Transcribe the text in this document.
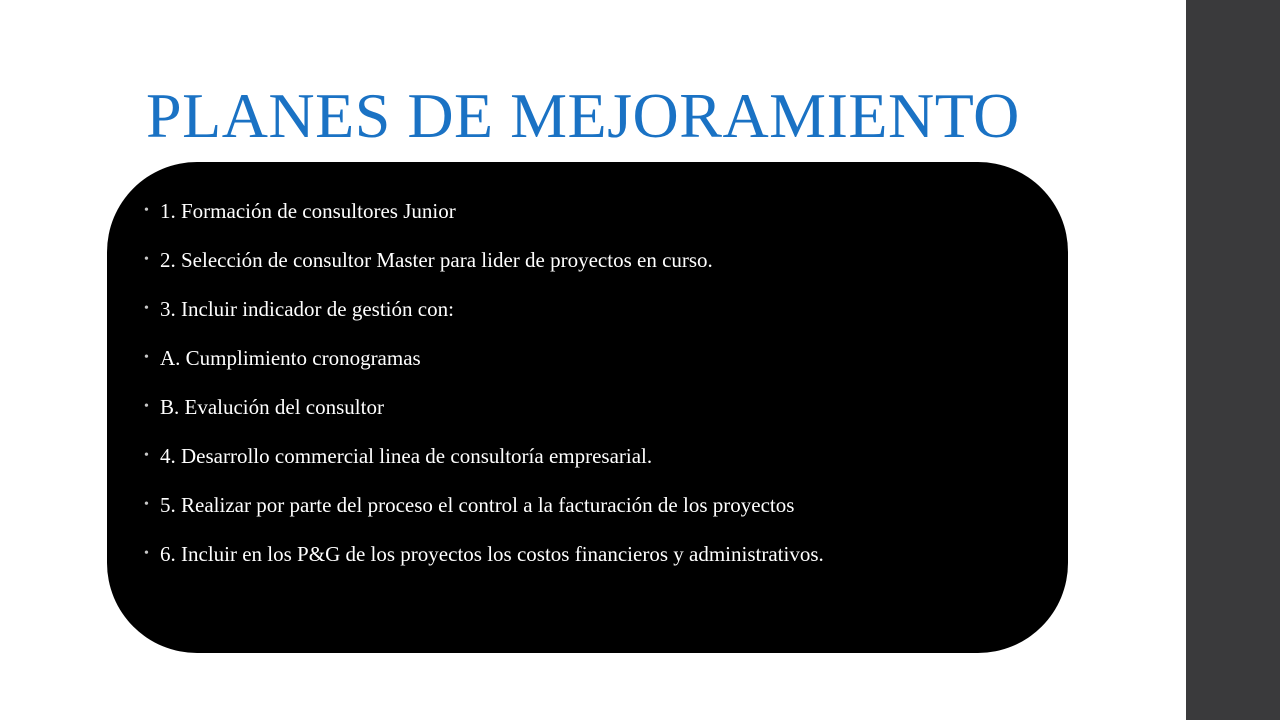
PLANES DE MEJORAMIENTO
• 1. Formación de consultores Junior
• 2. Selección de consultor Master para lider de proyectos en curso.
• 3. Incluir indicador de gestión con:
• A. Cumplimiento cronogramas
• B. Evalución del consultor
• 4. Desarrollo commercial linea de consultoría empresarial.
• 5. Realizar por parte del proceso el control a la facturación de los proyectos
• 6. Incluir en los P&G de los proyectos los costos financieros y administrativos.
